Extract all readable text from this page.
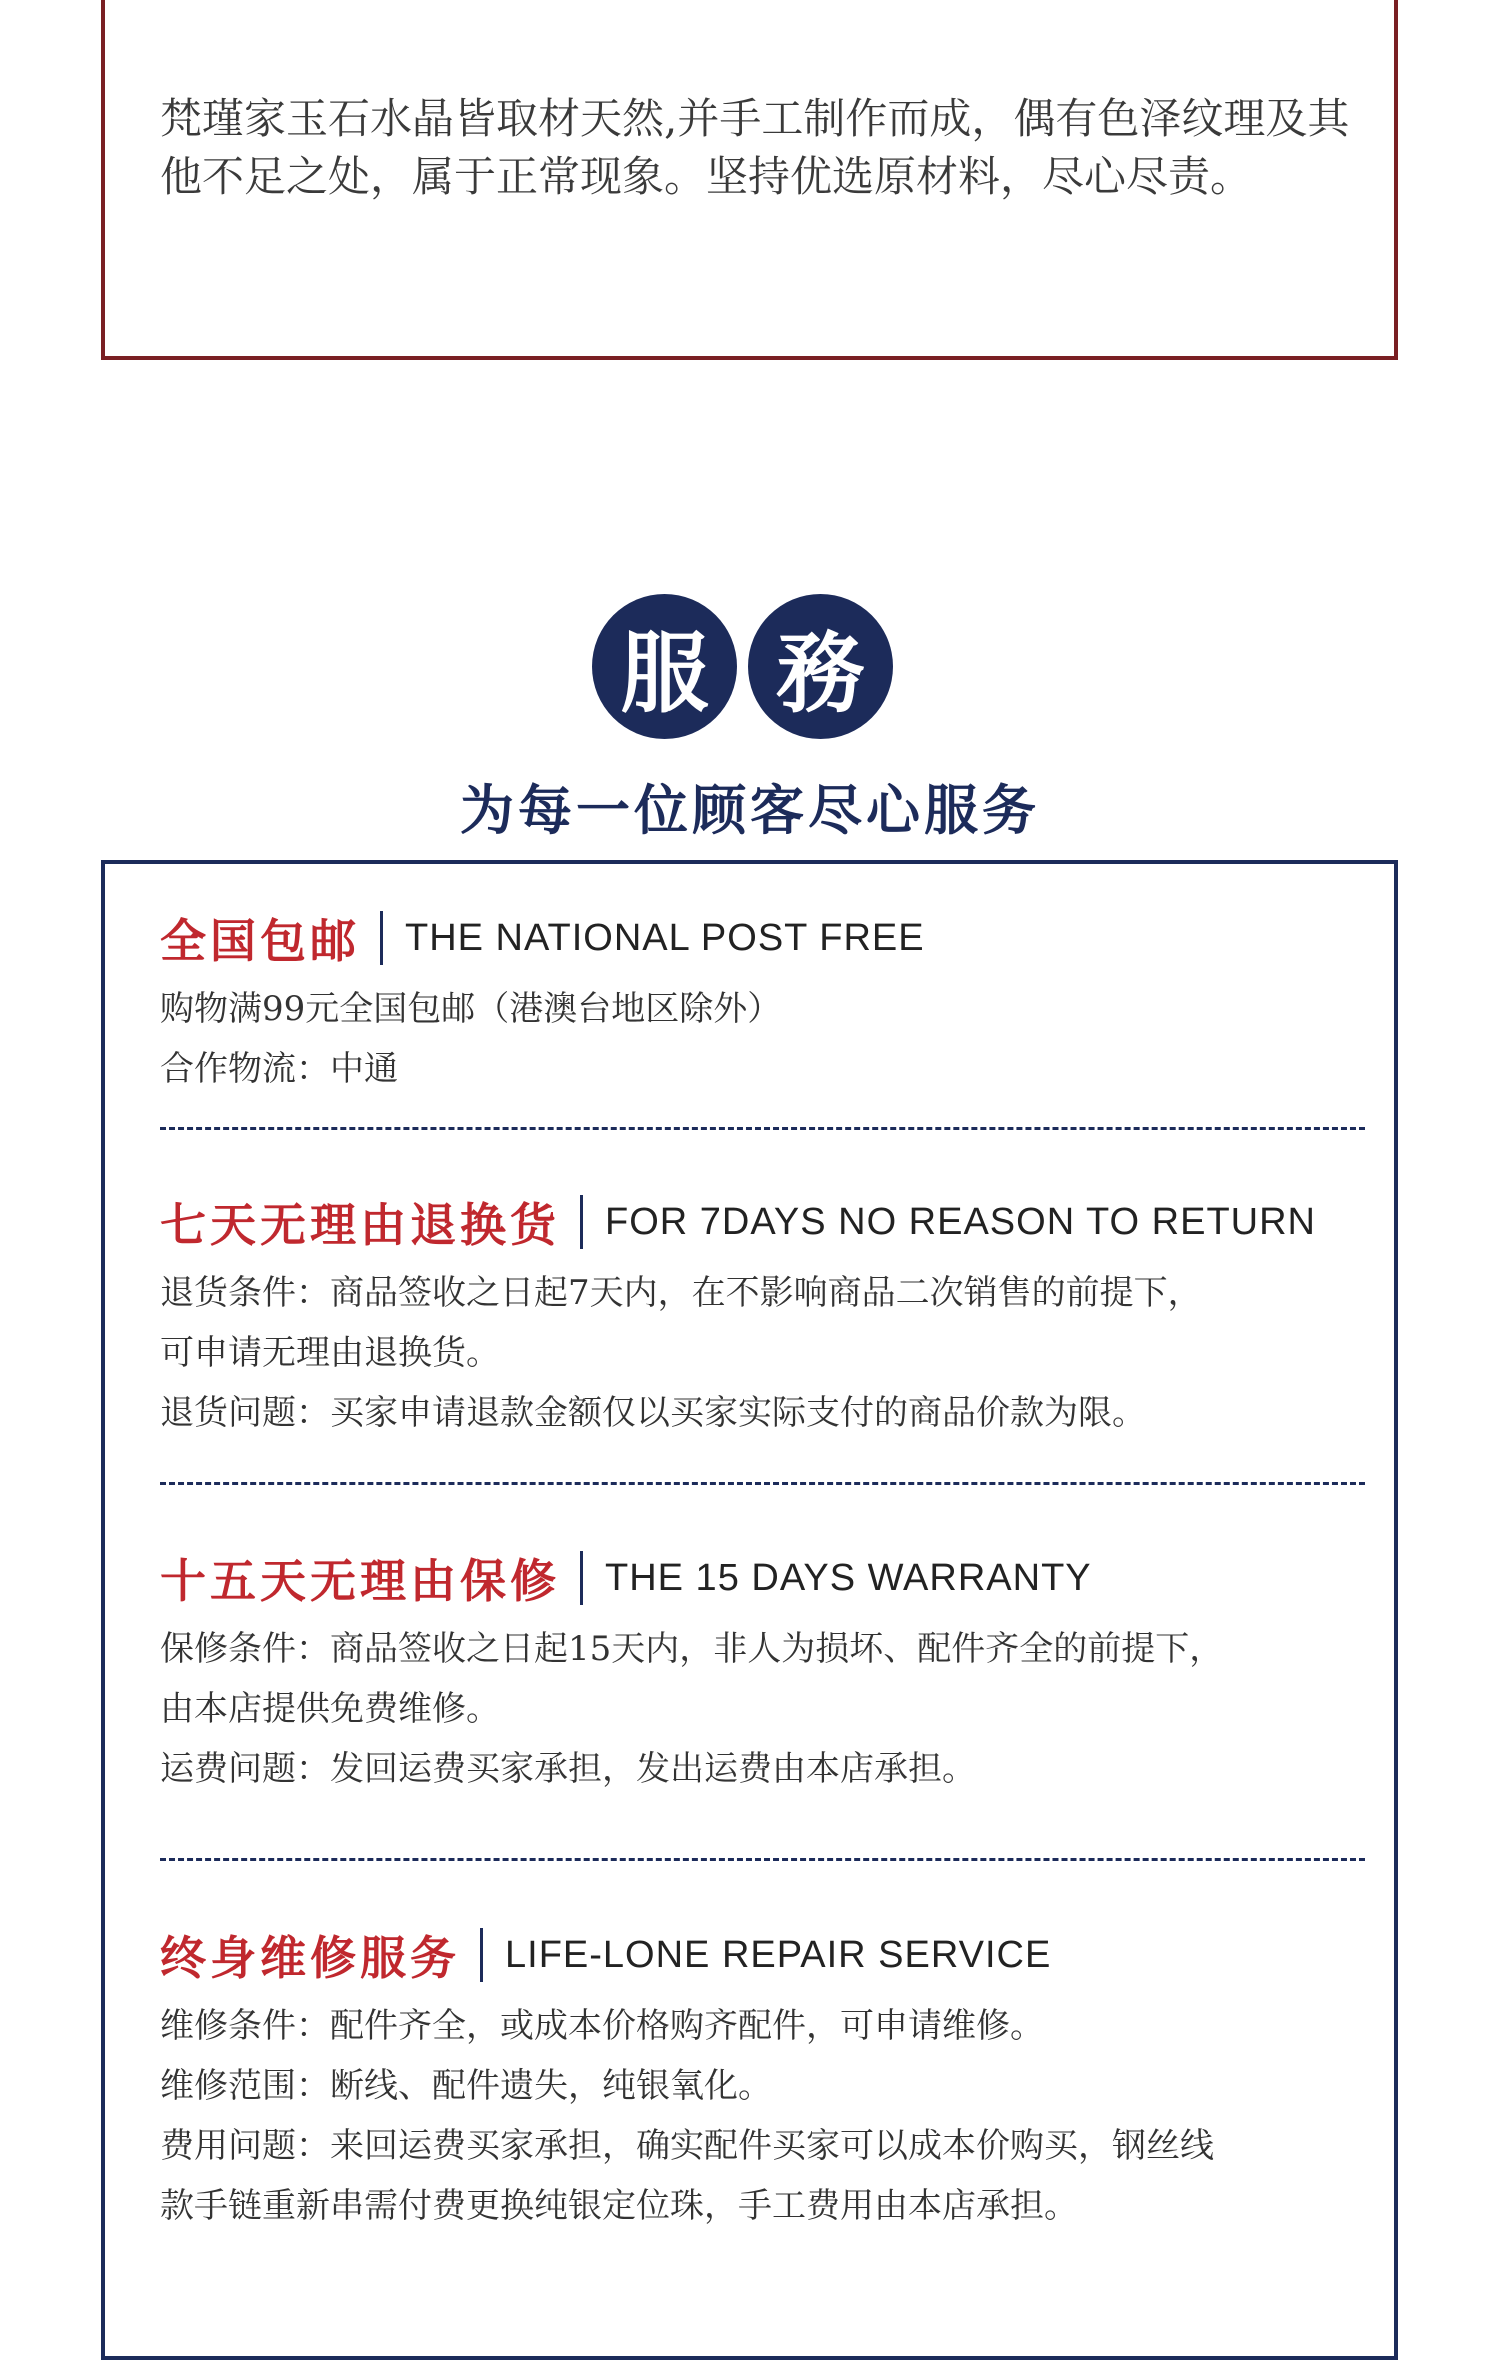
梵瑾家玉石水晶皆取材天然,并手工制作而成，偶有色泽纹理及其他不足之处，属于正常现象。坚持优选原材料，尽心尽责。

服 務

为每一位顾客尽心服务

全国包邮 THE NATIONAL POST FREE
购物满99元全国包邮（港澳台地区除外）
合作物流：中通
七天无理由退换货 FOR 7DAYS NO REASON TO RETURN
退货条件：商品签收之日起7天内，在不影响商品二次销售的前提下，
可申请无理由退换货。
退货问题：买家申请退款金额仅以买家实际支付的商品价款为限。
十五天无理由保修 THE 15 DAYS WARRANTY
保修条件：商品签收之日起15天内，非人为损坏、配件齐全的前提下，
由本店提供免费维修。
运费问题：发回运费买家承担，发出运费由本店承担。
终身维修服务 LIFE-LONE REPAIR SERVICE
维修条件：配件齐全，或成本价格购齐配件，可申请维修。
维修范围：断线、配件遗失，纯银氧化。
费用问题：来回运费买家承担，确实配件买家可以成本价购买，钢丝线
款手链重新串需付费更换纯银定位珠，手工费用由本店承担。
